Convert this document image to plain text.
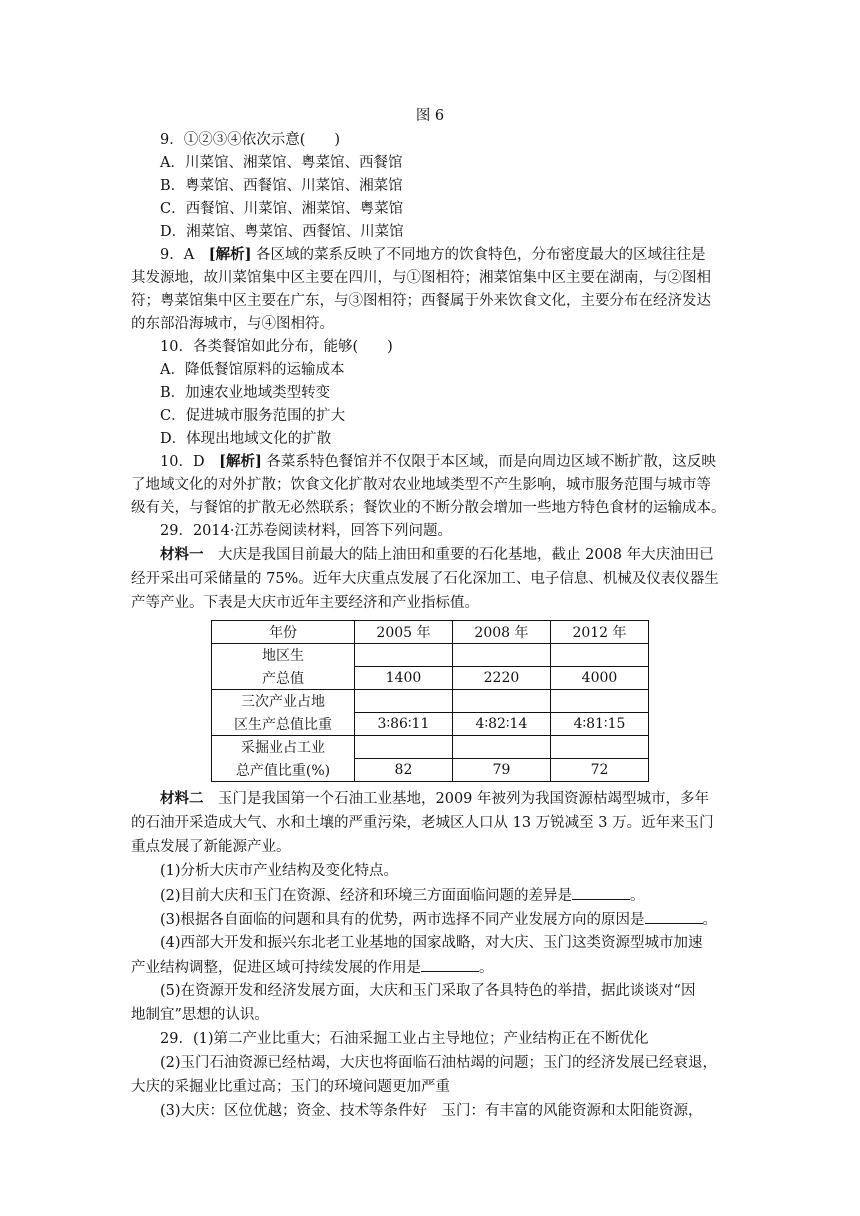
图 6
9．①②③④依次示意(　　)
A．川菜馆、湘菜馆、粤菜馆、西餐馆
B．粤菜馆、西餐馆、川菜馆、湘菜馆
C．西餐馆、川菜馆、湘菜馆、粤菜馆
D．湘菜馆、粤菜馆、西餐馆、川菜馆
9．A　[解析] 各区域的菜系反映了不同地方的饮食特色，分布密度最大的区域往往是
其发源地，故川菜馆集中区主要在四川，与①图相符；湘菜馆集中区主要在湖南，与②图相
符；粤菜馆集中区主要在广东，与③图相符；西餐属于外来饮食文化，主要分布在经济发达
的东部沿海城市，与④图相符。
10．各类餐馆如此分布，能够(　　)
A．降低餐馆原料的运输成本
B．加速农业地域类型转变
C．促进城市服务范围的扩大
D．体现出地域文化的扩散
10．D　[解析] 各菜系特色餐馆并不仅限于本区域，而是向周边区域不断扩散，这反映
了地域文化的对外扩散；饮食文化扩散对农业地域类型不产生影响，城市服务范围与城市等
级有关，与餐馆的扩散无必然联系；餐饮业的不断分散会增加一些地方特色食材的运输成本。
29．2014·江苏卷阅读材料，回答下列问题。
材料一　大庆是我国目前最大的陆上油田和重要的石化基地，截止 2008 年大庆油田已
经开采出可采储量的 75%。近年大庆重点发展了石化深加工、电子信息、机械及仪表仪器生
产等产业。下表是大庆市近年主要经济和产业指标值。
年份	2005 年	2008 年	2012 年
地区生			
产总值	1400	2220	4000
三次产业占地			
区生产总值比重	3∶86∶11	4∶82∶14	4∶81∶15
采掘业占工业			
总产值比重(%)	82	79	72
材料二　玉门是我国第一个石油工业基地，2009 年被列为我国资源枯竭型城市，多年
的石油开采造成大气、水和土壤的严重污染，老城区人口从 13 万锐减至 3 万。近年来玉门
重点发展了新能源产业。
(1)分析大庆市产业结构及变化特点。
(2)目前大庆和玉门在资源、经济和环境三方面面临问题的差异是	。
(3)根据各自面临的问题和具有的优势，两市选择不同产业发展方向的原因是	。
(4)西部大开发和振兴东北老工业基地的国家战略，对大庆、玉门这类资源型城市加速
产业结构调整，促进区域可持续发展的作用是	。
(5)在资源开发和经济发展方面，大庆和玉门采取了各具特色的举措，据此谈谈对“因
地制宜”思想的认识。
29．(1)第二产业比重大；石油采掘工业占主导地位；产业结构正在不断优化
(2)玉门石油资源已经枯竭，大庆也将面临石油枯竭的问题；玉门的经济发展已经衰退，
大庆的采掘业比重过高；玉门的环境问题更加严重
(3)大庆：区位优越；资金、技术等条件好　玉门：有丰富的风能资源和太阳能资源，
